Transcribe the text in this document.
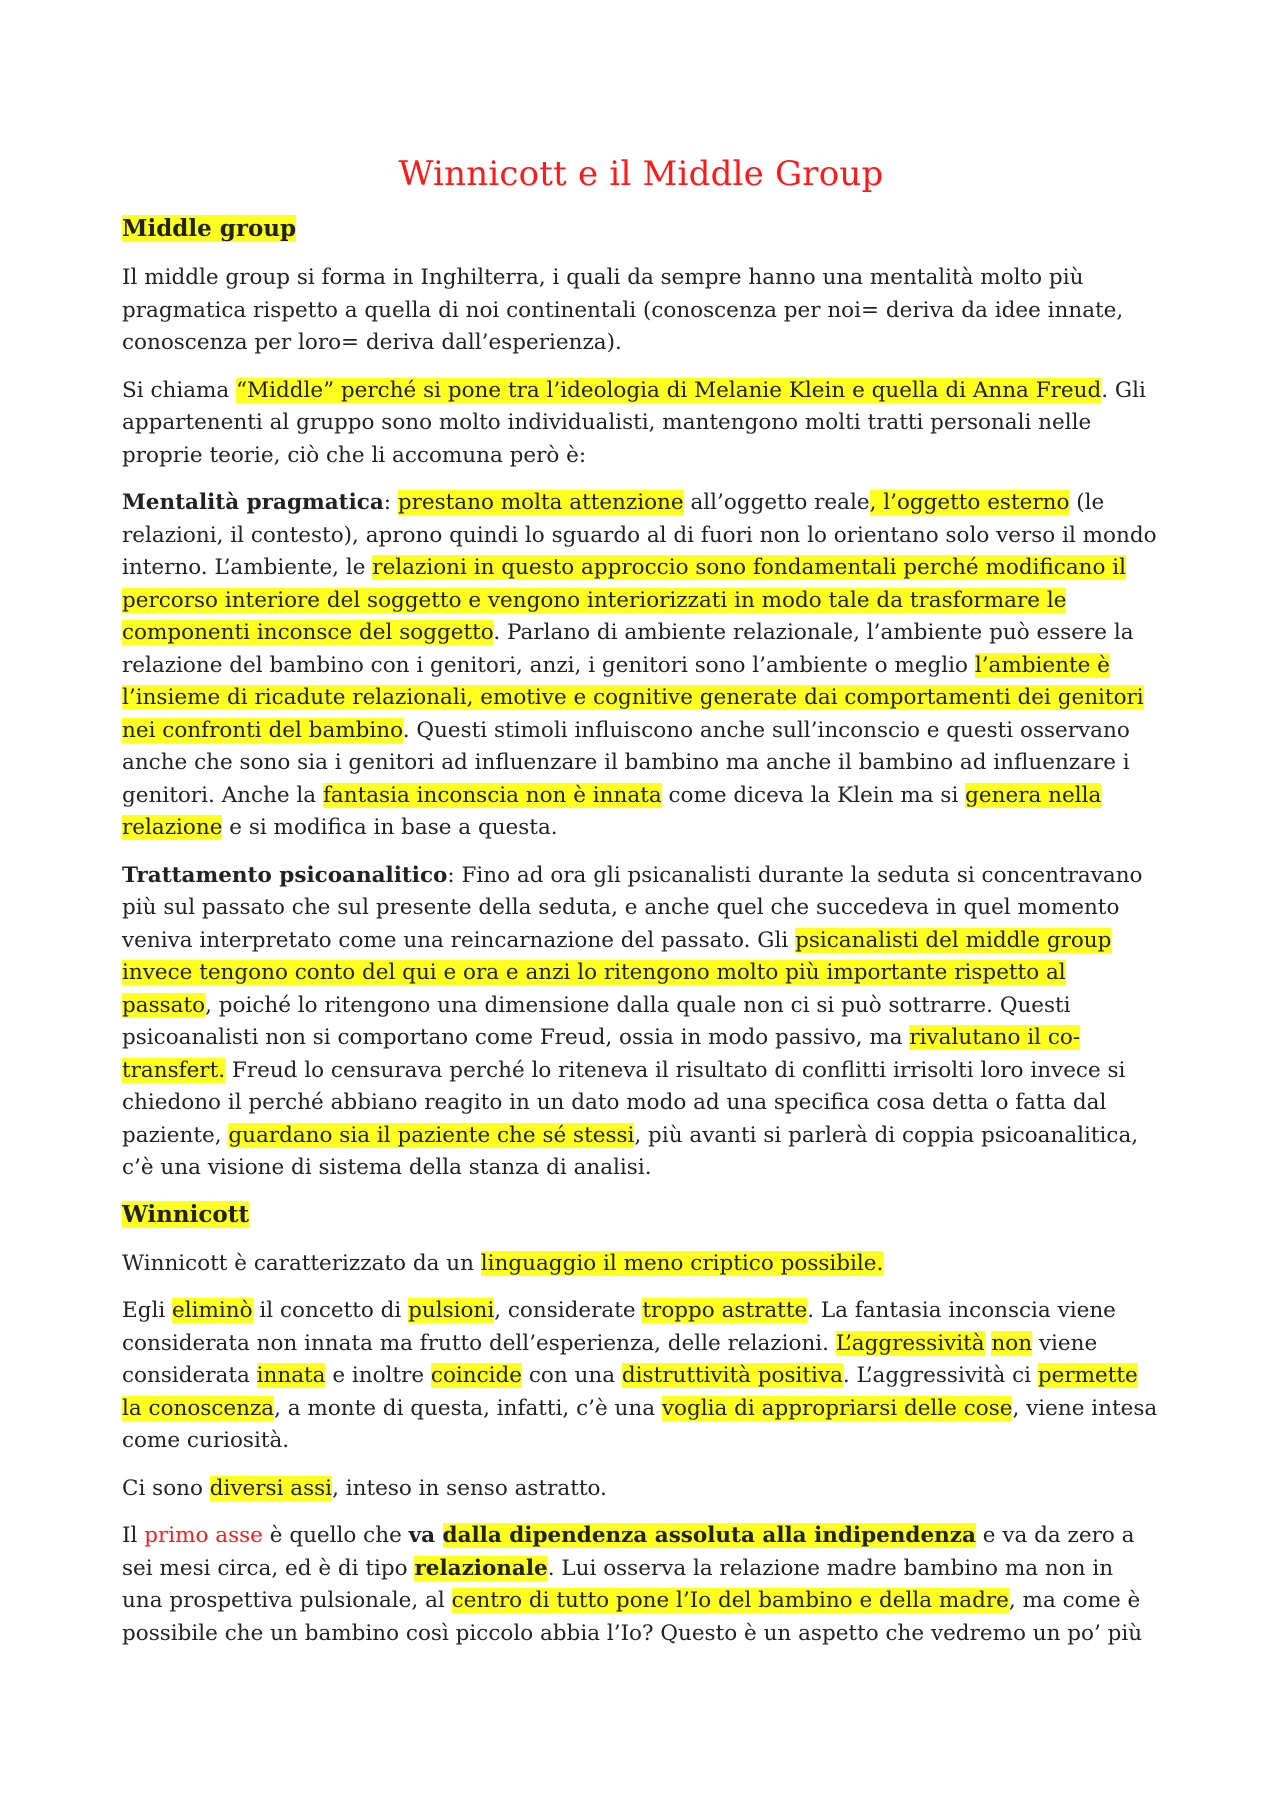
Winnicott e il Middle Group
Middle group

Il middle group si forma in Inghilterra, i quali da sempre hanno una mentalità molto più pragmatica rispetto a quella di noi continentali (conoscenza per noi= deriva da idee innate, conoscenza per loro= deriva dall’esperienza).

Si chiama “Middle” perché si pone tra l’ideologia di Melanie Klein e quella di Anna Freud. Gli appartenenti al gruppo sono molto individualisti, mantengono molti tratti personali nelle proprie teorie, ciò che li accomuna però è:

Mentalità pragmatica: prestano molta attenzione all’oggetto reale, l’oggetto esterno (le relazioni, il contesto), aprono quindi lo sguardo al di fuori non lo orientano solo verso il mondo interno. L’ambiente, le relazioni in questo approccio sono fondamentali perché modificano il percorso interiore del soggetto e vengono interiorizzati in modo tale da trasformare le componenti inconsce del soggetto. Parlano di ambiente relazionale, l’ambiente può essere la relazione del bambino con i genitori, anzi, i genitori sono l’ambiente o meglio l’ambiente è l’insieme di ricadute relazionali, emotive e cognitive generate dai comportamenti dei genitori nei confronti del bambino. Questi stimoli influiscono anche sull’inconscio e questi osservano anche che sono sia i genitori ad influenzare il bambino ma anche il bambino ad influenzare i genitori. Anche la fantasia inconscia non è innata come diceva la Klein ma si genera nella relazione e si modifica in base a questa.

Trattamento psicoanalitico: Fino ad ora gli psicanalisti durante la seduta si concentravano più sul passato che sul presente della seduta, e anche quel che succedeva in quel momento veniva interpretato come una reincarnazione del passato. Gli psicanalisti del middle group invece tengono conto del qui e ora e anzi lo ritengono molto più importante rispetto al passato, poiché lo ritengono una dimensione dalla quale non ci si può sottrarre. Questi psicoanalisti non si comportano come Freud, ossia in modo passivo, ma rivalutano il co-transfert. Freud lo censurava perché lo riteneva il risultato di conflitti irrisolti loro invece si chiedono il perché abbiano reagito in un dato modo ad una specifica cosa detta o fatta dal paziente, guardano sia il paziente che sé stessi, più avanti si parlerà di coppia psicoanalitica, c’è una visione di sistema della stanza di analisi.

Winnicott

Winnicott è caratterizzato da un linguaggio il meno criptico possibile.

Egli eliminò il concetto di pulsioni, considerate troppo astratte. La fantasia inconscia viene considerata non innata ma frutto dell’esperienza, delle relazioni. L’aggressività non viene considerata innata e inoltre coincide con una distruttività positiva. L’aggressività ci permette la conoscenza, a monte di questa, infatti, c’è una voglia di appropriarsi delle cose, viene intesa come curiosità.

Ci sono diversi assi, inteso in senso astratto.

Il primo asse è quello che va dalla dipendenza assoluta alla indipendenza e va da zero a sei mesi circa, ed è di tipo relazionale. Lui osserva la relazione madre bambino ma non in una prospettiva pulsionale, al centro di tutto pone l’Io del bambino e della madre, ma come è possibile che un bambino così piccolo abbia l’Io? Questo è un aspetto che vedremo un po’ più
